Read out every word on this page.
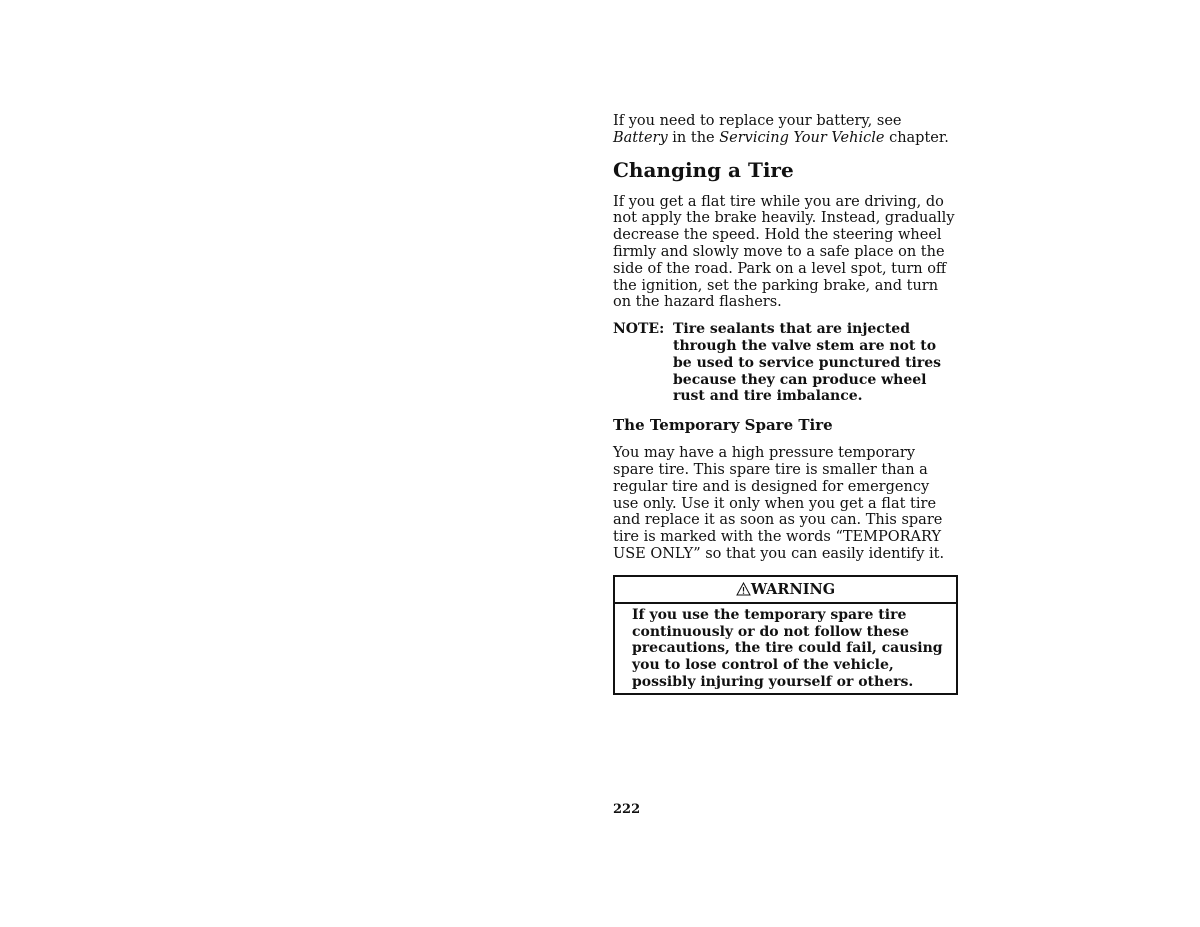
If you need to replace your battery, see Battery in the Servicing Your Vehicle chapter.

Changing a Tire

If you get a flat tire while you are driving, do not apply the brake heavily. Instead, gradually decrease the speed. Hold the steering wheel firmly and slowly move to a safe place on the side of the road. Park on a level spot, turn off the ignition, set the parking brake, and turn on the hazard flashers.

NOTE: Tire sealants that are injected through the valve stem are not to be used to service punctured tires because they can produce wheel rust and tire imbalance.
The Temporary Spare Tire

You may have a high pressure temporary spare tire. This spare tire is smaller than a regular tire and is designed for emergency use only. Use it only when you get a flat tire and replace it as soon as you can. This spare tire is marked with the words “TEMPORARY USE ONLY” so that you can easily identify it.

WARNING
If you use the temporary spare tire continuously or do not follow these precautions, the tire could fail, causing you to lose control of the vehicle, possibly injuring yourself or others.
222
